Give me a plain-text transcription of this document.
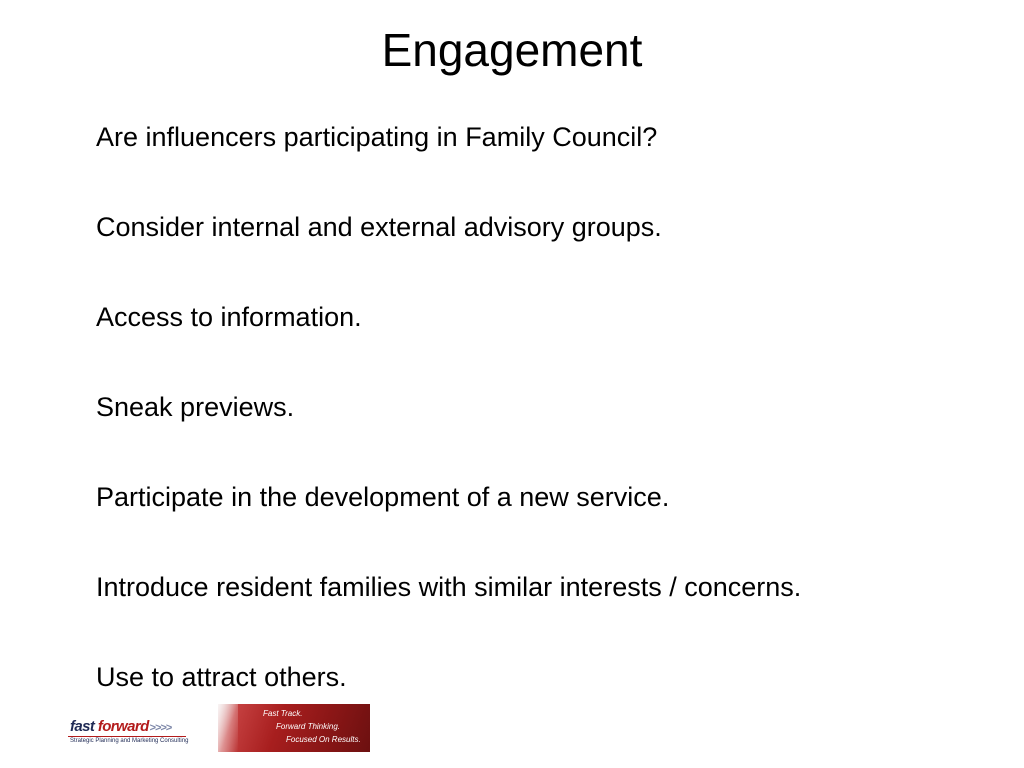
Engagement
Are influencers participating in Family Council?
Consider internal and external advisory groups.
Access to information.
Sneak previews.
Participate in the development of a new service.
Introduce resident families with similar interests / concerns.
Use to attract others.
fast forward>>>>
Strategic Planning and Marketing Consulting
Fast Track.
Forward Thinking.
Focused On Results.
